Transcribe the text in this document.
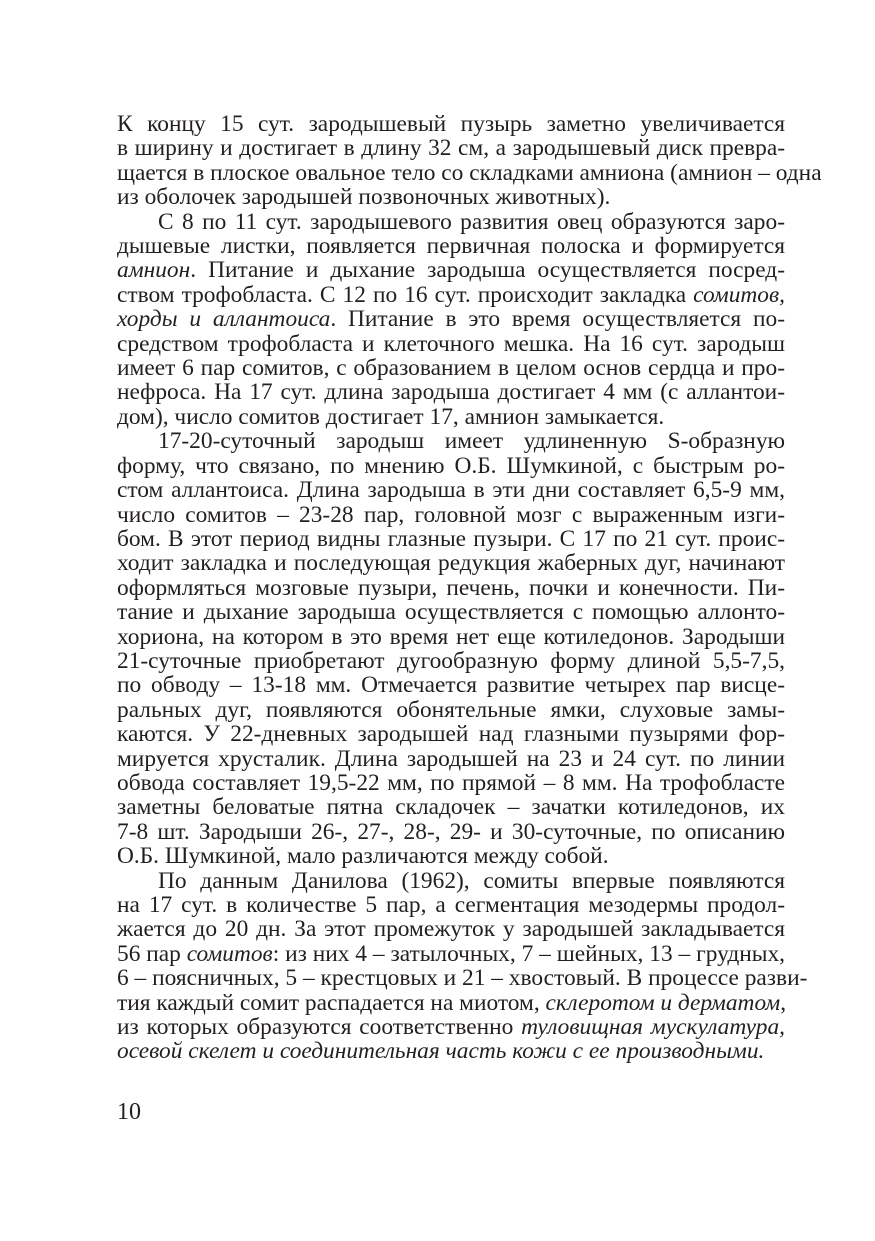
К концу 15 сут. зародышевый пузырь заметно увеличивается
в ширину и достигает в длину 32 см, а зародышевый диск превра-
щается в плоское овальное тело со складками амниона (амнион – одна
из оболочек зародышей позвоночных животных).
С 8 по 11 сут. зародышевого развития овец образуются заро-
дышевые листки, появляется первичная полоска и формируется
амнион. Питание и дыхание зародыша осуществляется посред-
ством трофобласта. С 12 по 16 сут. происходит закладка сомитов,
хорды и аллантоиса. Питание в это время осуществляется по-
средством трофобласта и клеточного мешка. На 16 сут. зародыш
имеет 6 пар сомитов, с образованием в целом основ сердца и про-
нефроса. На 17 сут. длина зародыша достигает 4 мм (с аллантои-
дом), число сомитов достигает 17, амнион замыкается.
17-20-суточный зародыш имеет удлиненную S-образную
форму, что связано, по мнению О.Б. Шумкиной, с быстрым ро-
стом аллантоиса. Длина зародыша в эти дни составляет 6,5-9 мм,
число сомитов – 23-28 пар, головной мозг с выраженным изги-
бом. В этот период видны глазные пузыри. С 17 по 21 сут. проис-
ходит закладка и последующая редукция жаберных дуг, начинают
оформляться мозговые пузыри, печень, почки и конечности. Пи-
тание и дыхание зародыша осуществляется с помощью аллонто-
хориона, на котором в это время нет еще котиледонов. Зародыши
21-суточные приобретают дугообразную форму длиной 5,5-7,5,
по обводу – 13-18 мм. Отмечается развитие четырех пар висце-
ральных дуг, появляются обонятельные ямки, слуховые замы-
каются. У 22-дневных зародышей над глазными пузырями фор-
мируется хрусталик. Длина зародышей на 23 и 24 сут. по линии
обвода составляет 19,5-22 мм, по прямой – 8 мм. На трофобласте
заметны беловатые пятна складочек – зачатки котиледонов, их
7-8 шт. Зародыши 26-, 27-, 28-, 29- и 30-суточные, по описанию
О.Б. Шумкиной, мало различаются между собой.
По данным Данилова (1962), сомиты впервые появляются
на 17 сут. в количестве 5 пар, а сегментация мезодермы продол-
жается до 20 дн. За этот промежуток у зародышей закладывается
56 пар сомитов: из них 4 – затылочных, 7 – шейных, 13 – грудных,
6 – поясничных, 5 – крестцовых и 21 – хвостовый. В процессе разви-
тия каждый сомит распадается на миотом, склеротом и дерматом,
из которых образуются соответственно туловищная мускулатура,
осевой скелет и соединительная часть кожи с ее производными.
10
